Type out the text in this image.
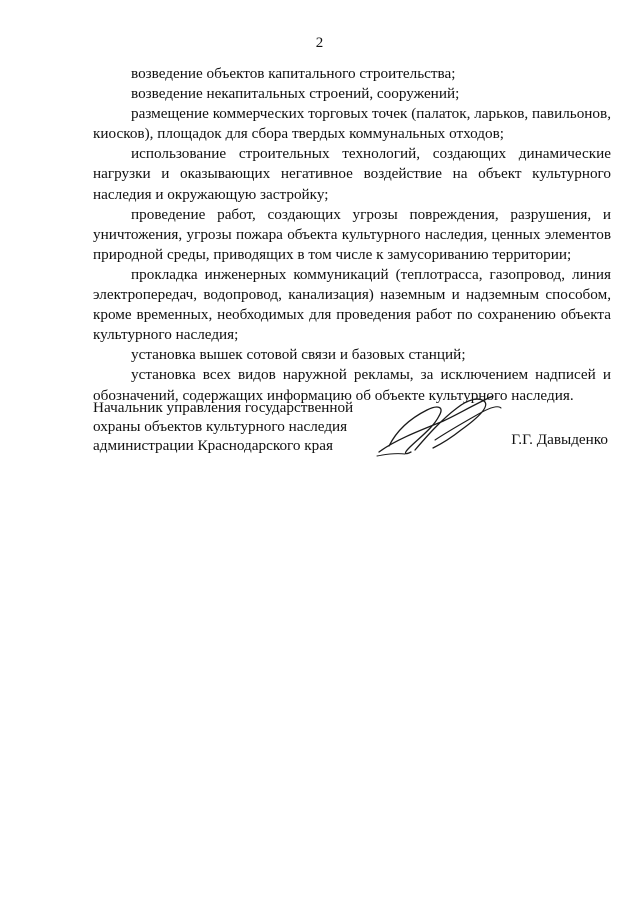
2

возведение объектов капитального строительства;

возведение некапитальных строений, сооружений;

размещение коммерческих торговых точек (палаток, ларьков, павильонов, киосков), площадок для сбора твердых коммунальных отходов;

использование строительных технологий, создающих динамические нагрузки и оказывающих негативное воздействие на объект культурного наследия и окружающую застройку;

проведение работ, создающих угрозы повреждения, разрушения, и уничтожения, угрозы пожара объекта культурного наследия, ценных элементов природной среды, приводящих в том числе к замусориванию территории;

прокладка инженерных коммуникаций (теплотрасса, газопровод, линия электропередач, водопровод, канализация) наземным и надземным способом, кроме временных, необходимых для проведения работ по сохранению объекта культурного наследия;

установка вышек сотовой связи и базовых станций;

установка всех видов наружной рекламы, за исключением надписей и обозначений, содержащих информацию об объекте культурного наследия.

Начальник управления государственной
охраны объектов культурного наследия
администрации Краснодарского края	Г.Г. Давыденко
